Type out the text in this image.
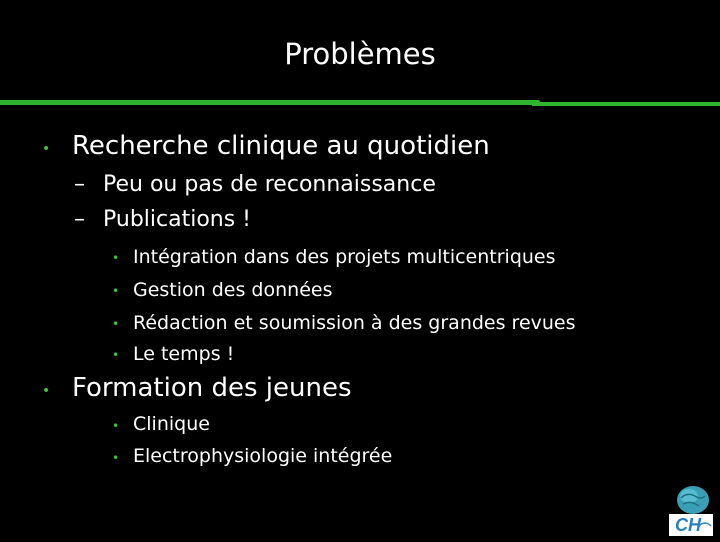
Problèmes
• Recherche clinique au quotidien
– Peu ou pas de reconnaissance
– Publications !
• Intégration dans des projets multicentriques
• Gestion des données
• Rédaction et soumission à des grandes revues
• Le temps !
• Formation des jeunes
• Clinique
• Electrophysiologie intégrée
CH
